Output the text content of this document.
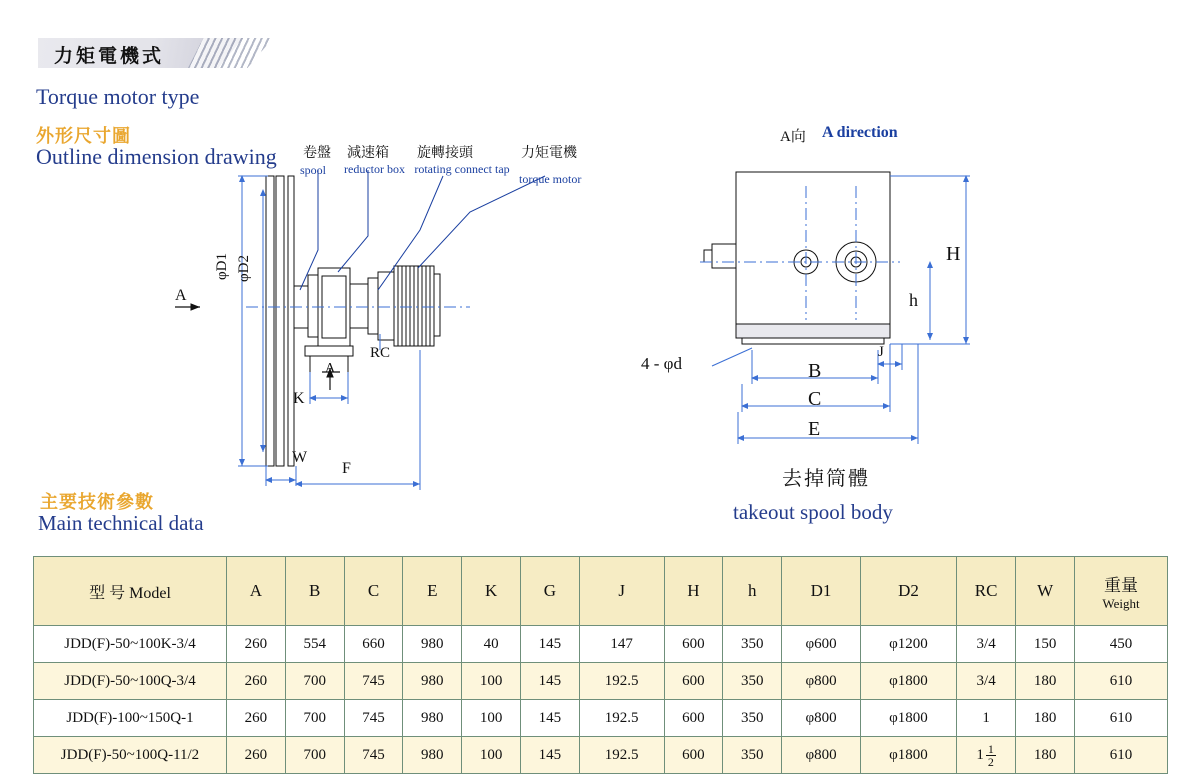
力矩電機式
Torque motor type
外形尺寸圖
Outline dimension drawing 卷盤
spool
減速箱
reductor box
旋轉接頭
rotating connect tap
力矩電機
torque motor
A
φD1 φD2
RC
A
K
W
F
A向 A direction
H
h
4 - φd
J
B
C
E
去掉筒體
takeout spool body
主要技術參數
Main technical data
型 号 Model	A	B	C	E	K	G	J	H	h	D1	D2	RC	W	重量
Weight

JDD(F)-50~100K-3/4	260	554	660	980	40	145	147	600	350	φ600	φ1200	3/4	150	450
JDD(F)-50~100Q-3/4	260	700	745	980	100	145	192.5	600	350	φ800	φ1800	3/4	180	610
JDD(F)-100~150Q-1	260	700	745	980	100	145	192.5	600	350	φ800	φ1800	1	180	610
JDD(F)-50~100Q-11/2	260	700	745	980	100	145	192.5	600	350	φ800	φ1800	$1 \frac{1}{2}$	180	610
